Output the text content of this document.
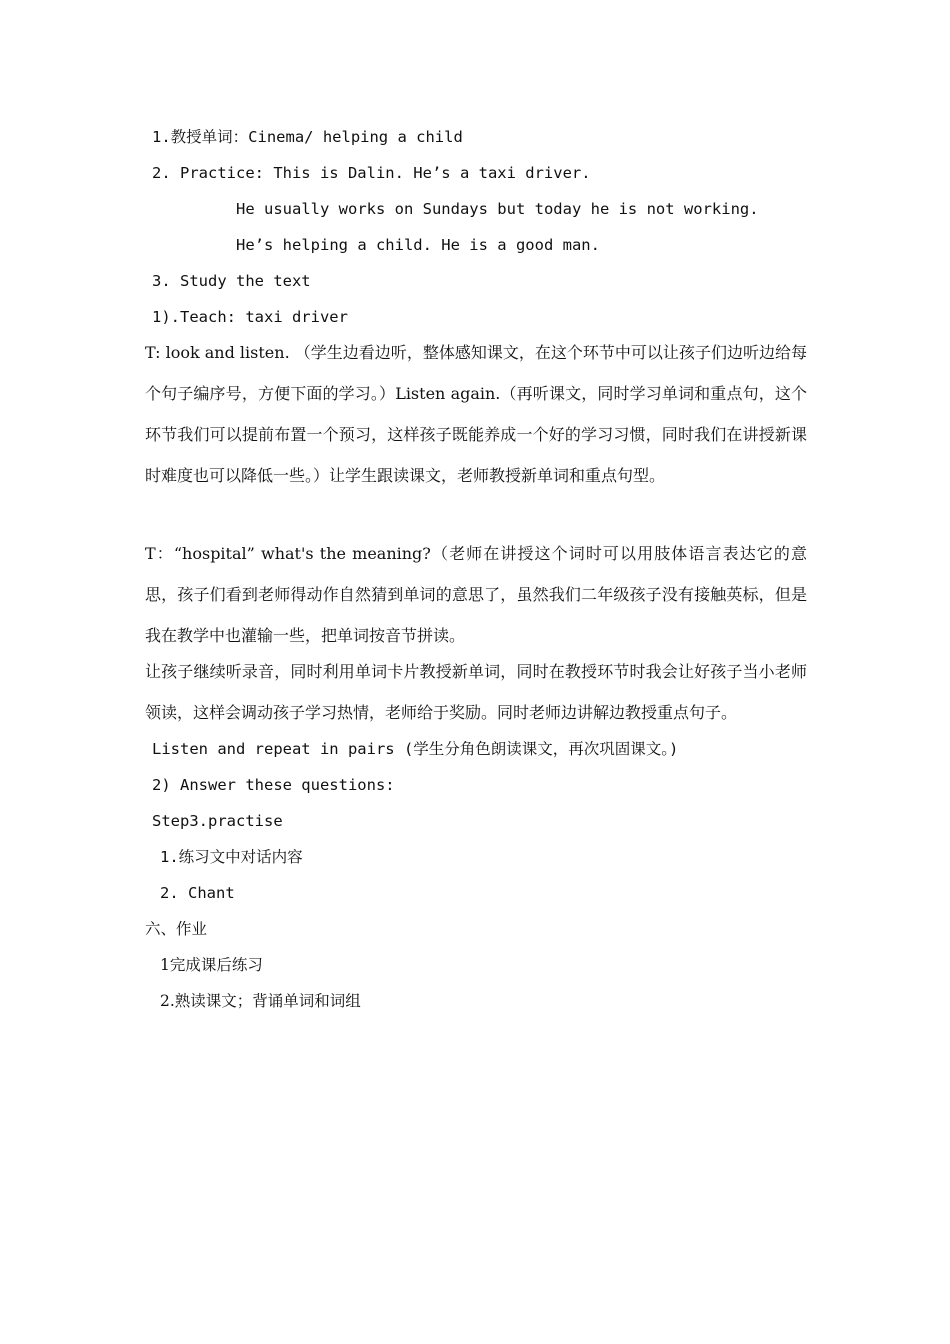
1.教授单词：Cinema/ helping a child
2. Practice: This is Dalin. He’s a taxi driver.
He usually works on Sundays but today he is not working.
He’s helping a child. He is a good man.
3. Study the text
1).Teach: taxi driver
T: look and listen. （学生边看边听，整体感知课文，在这个环节中可以让孩子们边听边给每个句子编序号，方便下面的学习。）Listen again.（再听课文，同时学习单词和重点句，这个环节我们可以提前布置一个预习，这样孩子既能养成一个好的学习习惯，同时我们在讲授新课时难度也可以降低一些。）让学生跟读课文，老师教授新单词和重点句型。
T：“hospital” what's the meaning?（老师在讲授这个词时可以用肢体语言表达它的意思，孩子们看到老师得动作自然猜到单词的意思了，虽然我们二年级孩子没有接触英标，但是我在教学中也灌输一些，把单词按音节拼读。
让孩子继续听录音，同时利用单词卡片教授新单词，同时在教授环节时我会让好孩子当小老师领读，这样会调动孩子学习热情，老师给于奖励。同时老师边讲解边教授重点句子。
Listen and repeat in pairs (学生分角色朗读课文，再次巩固课文。)
2) Answer these questions:
Step3.practise
1.练习文中对话内容
2. Chant
六、作业
1完成课后练习
2.熟读课文；背诵单词和词组
